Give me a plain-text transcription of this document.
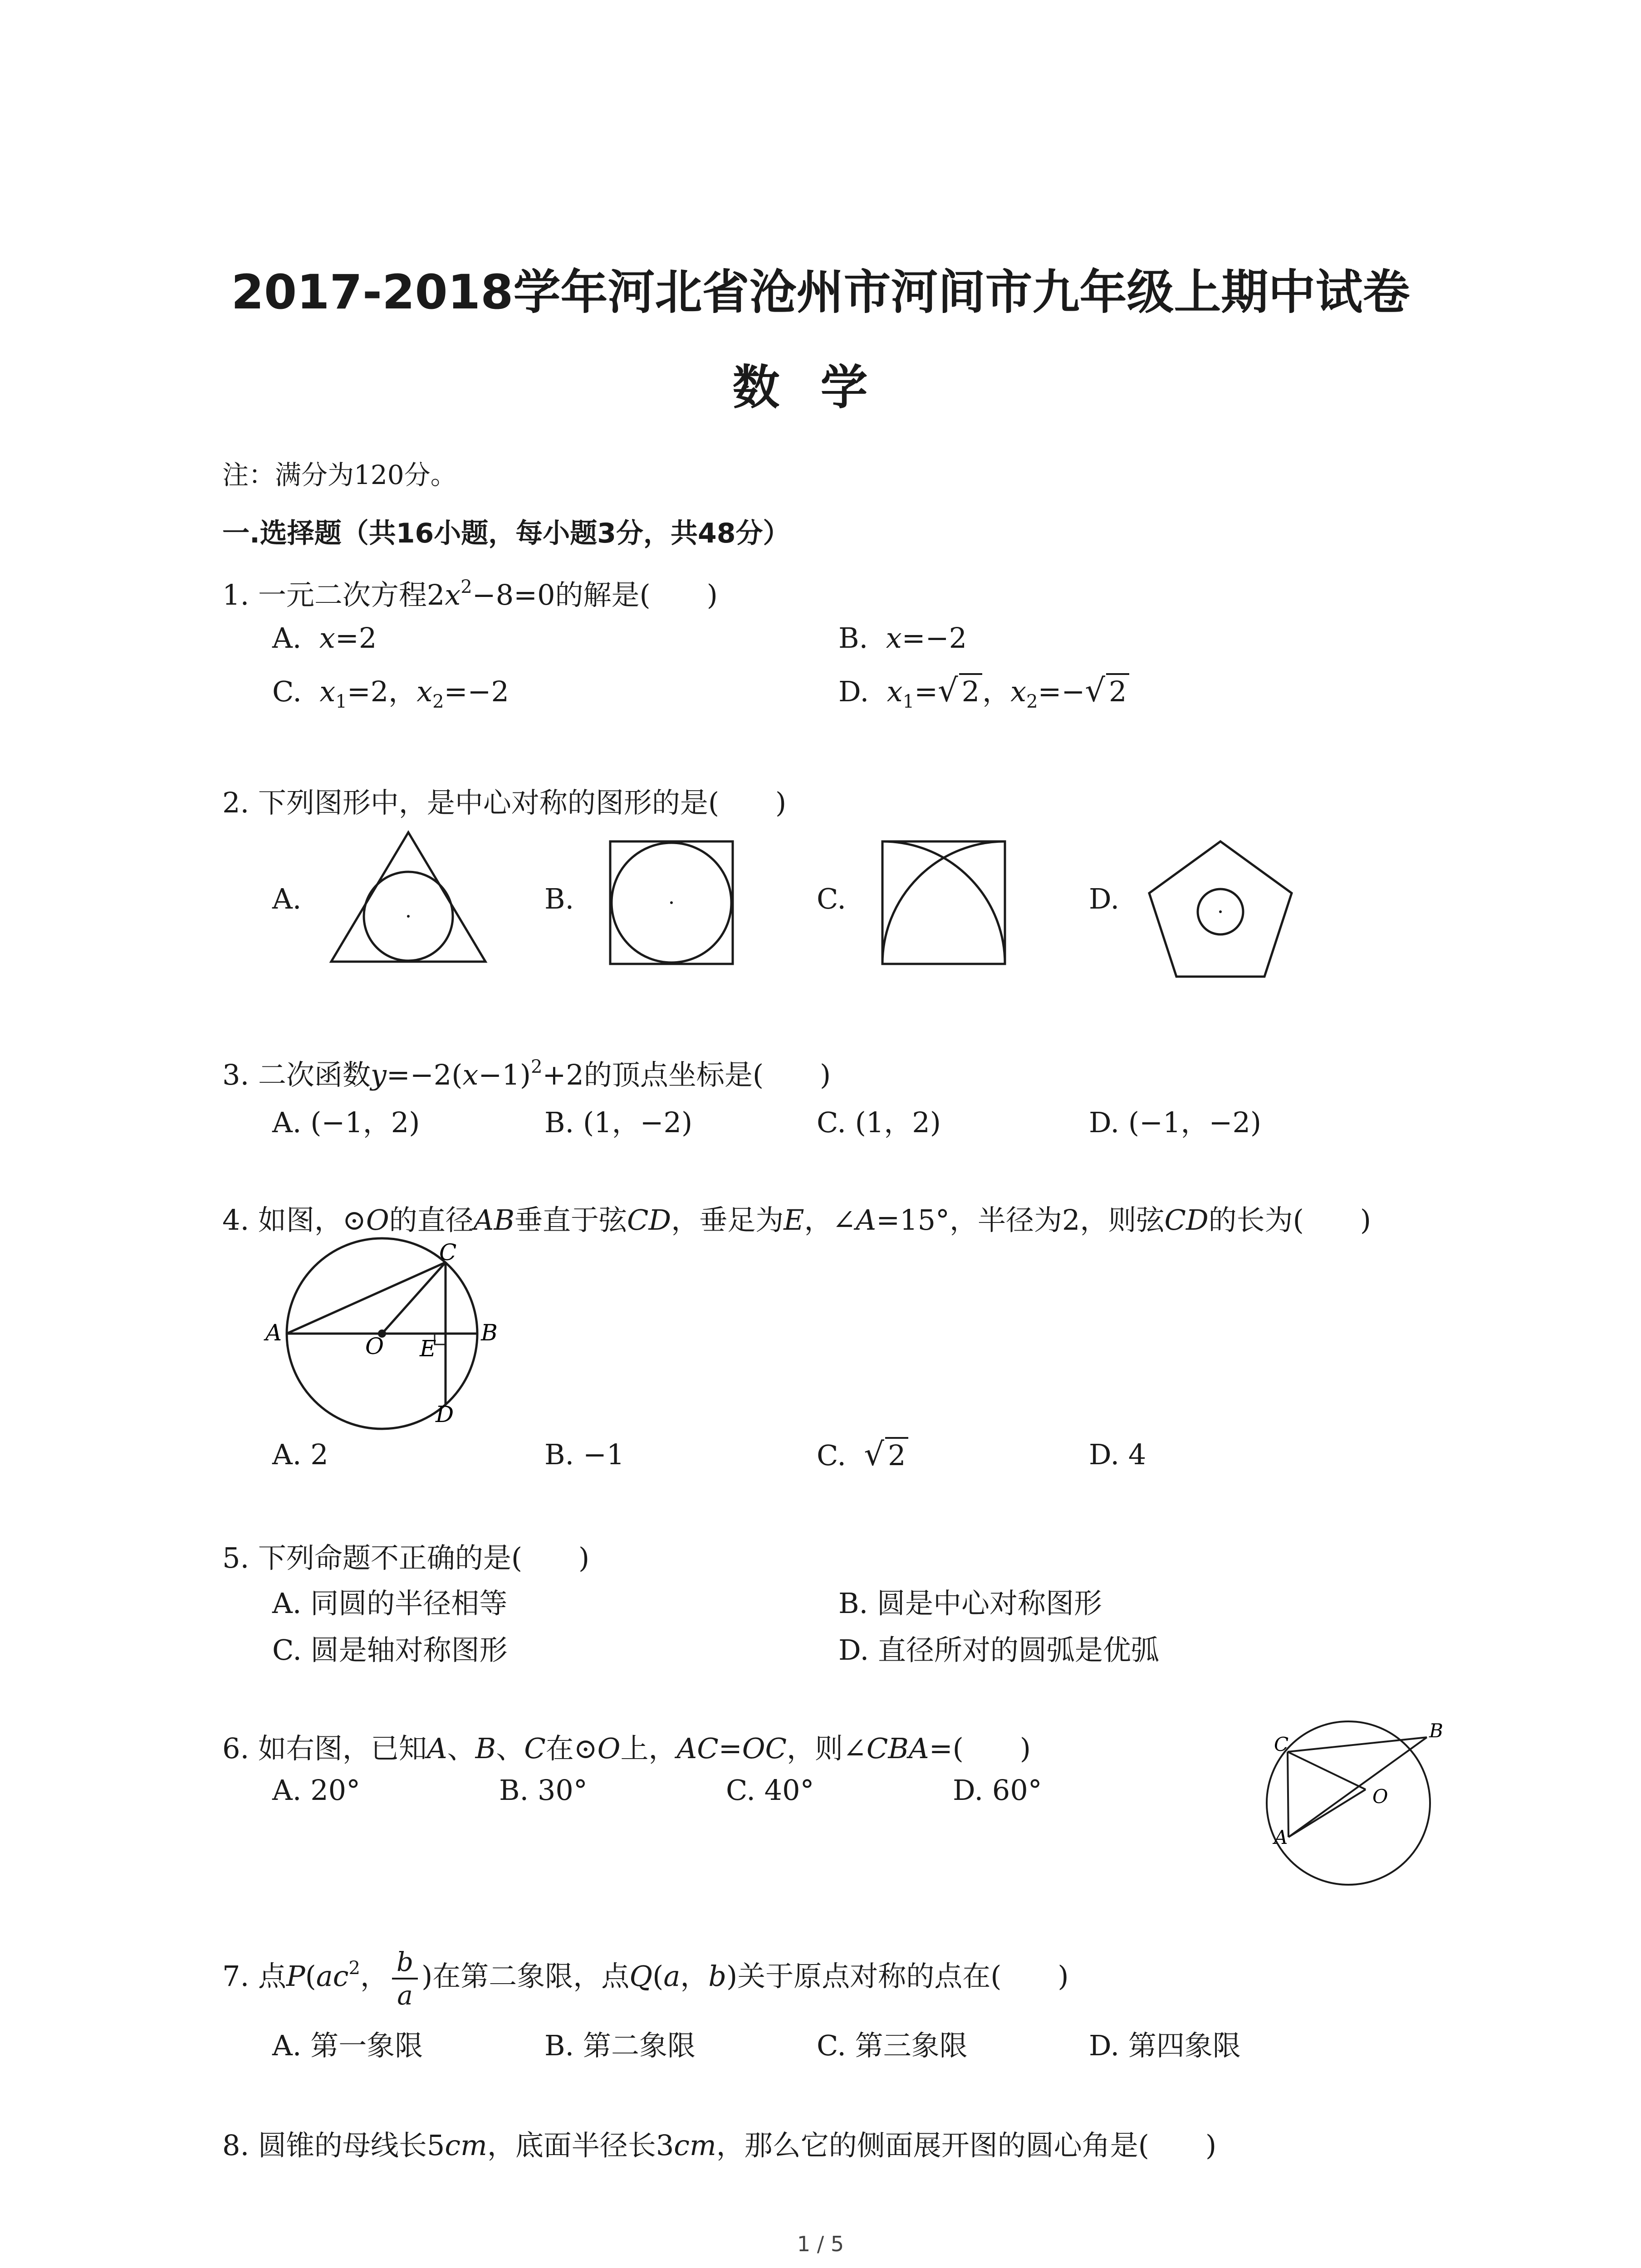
2017-2018学年河北省沧州市河间市九年级上期中试卷
数学
注：满分为120分。
一.选择题（共16小题，每小题3分，共48分）
1. 一元二次方程$2x^2-8=0$的解是(　　)
A. x=2	B. x=−2
C. $x_1=2$，$x_2=-2$	D. $x_1=√$ 2，$x_2=-√$ 2
2. 下列图形中，是中心对称的图形的是(　　)
A.	B.	C.	D.
A	B
C
D
O E
A
B
C
O
3. 二次函数$y=-2(x-1)^2+2$的顶点坐标是(　　)
A. (−1，2)	B. (1，−2)	C. (1，2)	D. (−1，−2)
4. 如图，⊙O的直径AB垂直于弦CD，垂足为E，∠A=15°，半径为2，则弦CD的长为(　　)
A. 2	B. −1	C. √ 2	D. 4
5. 下列命题不正确的是(　　)
A. 同圆的半径相等	B. 圆是中心对称图形
C. 圆是轴对称图形	D. 直径所对的圆弧是优弧
6. 如右图，已知A、B、C在⊙O上，AC=OC，则∠CBA=(　　)
A. 20°	B. 30°	C. 40°	D. 60°
7. 点$P(ac^2$， $\frac{b}{a}$ )在第二象限，点Q(a，b)关于原点对称的点在(　　)
A. 第一象限	B. 第二象限	C. 第三象限	D. 第四象限
8. 圆锥的母线长5cm，底面半径长3cm，那么它的侧面展开图的圆心角是(　　)
1 / 5
